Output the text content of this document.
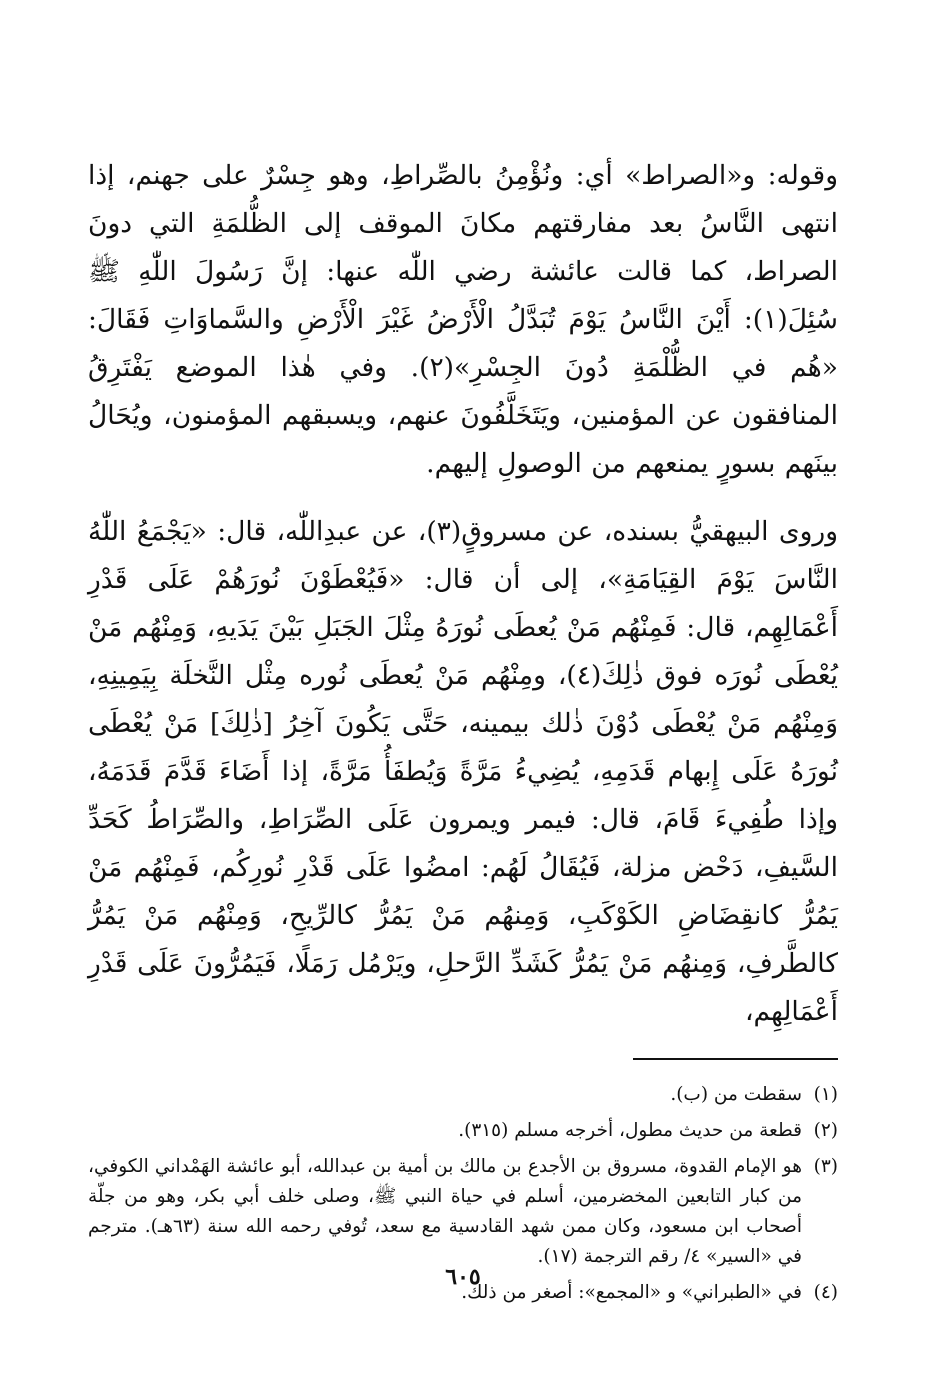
وقوله: و«الصراط» أي: ونُؤْمِنُ بالصِّراطِ، وهو جِسْرٌ على جهنم، إذا انتهى النَّاسُ بعد مفارقتهم مكانَ الموقف إلى الظُّلمَةِ التي دونَ الصراط، كما قالت عائشة رضي اللّٰه عنها: إنَّ رَسُولَ اللّٰهِ ﷺ سُئِلَ(١): أَيْنَ النَّاسُ يَوْمَ تُبَدَّلُ الْأَرْضُ غَيْرَ الْأَرْضِ والسَّماوَاتِ فَقَالَ: «هُم في الظُّلْمَةِ دُونَ الجِسْرِ»(٢). وفي هٰذا الموضع يَفْتَرِقُ المنافقون عن المؤمنين، ويَتَخَلَّفُونَ عنهم، ويسبقهم المؤمنون، ويُحَالُ بينَهم بسورٍ يمنعهم من الوصولِ إليهم.

وروى البيهقيُّ بسنده، عن مسروقٍ(٣)، عن عبدِاللّٰه، قال: «يَجْمَعُ اللّٰهُ النَّاسَ يَوْمَ القِيَامَةِ»، إلى أن قال: «فَيُعْطَوْنَ نُورَهُمْ عَلَى قَدْرِ أَعْمَالِهِم، قال: فَمِنْهُم مَنْ يُعطَى نُورَهُ مِثْلَ الجَبَلِ بَيْنَ يَدَيهِ، وَمِنْهُم مَنْ يُعْطَى نُورَه فوق ذٰلِكَ(٤)، ومِنْهُم مَنْ يُعطَى نُوره مِثْل النَّخلَة بِيَمِينِهِ، وَمِنْهُم مَنْ يُعْطَى دُوْنَ ذٰلك بيمينه، حَتَّى يَكُونَ آخِرُ [ذٰلِكَ] مَنْ يُعْطَى نُورَهُ عَلَى إِبهام قَدَمِهِ، يُضِيءُ مَرَّةً وَيُطفَأُ مَرَّةً، إذا أَضَاءَ قَدَّمَ قَدَمَهُ، وإذا طُفِيءَ قَامَ، قال: فيمر ويمرون عَلَى الصِّرَاطِ، والصِّرَاطُ كَحَدِّ السَّيفِ، دَحْض مزلة، فَيُقَالُ لَهُم: امضُوا عَلَى قَدْرِ نُورِكُم، فَمِنْهُم مَنْ يَمُرُّ كانقِضَاضِ الكَوْكَبِ، وَمِنهُم مَنْ يَمُرُّ كالرِّيحِ، وَمِنْهُم مَنْ يَمُرُّ كالطَّرفِ، وَمِنهُم مَنْ يَمُرُّ كَشَدِّ الرَّحلِ، ويَرْمُل رَمَلًا، فَيَمُرُّونَ عَلَى قَدْرِ أَعْمَالِهِم،

(١)
سقطت من (ب).
(٢)
قطعة من حديث مطول، أخرجه مسلم (٣١٥).
(٣)
هو الإمام القدوة، مسروق بن الأجدع بن مالك بن أمية بن عبدالله، أبو عائشة الهَمْداني الكوفي، من كبار التابعين المخضرمين، أسلم في حياة النبي ﷺ، وصلى خلف أبي بكر، وهو من جلّة أصحاب ابن مسعود، وكان ممن شهد القادسية مع سعد، تُوفي رحمه الله سنة (٦٣هـ). مترجم في «السير» ٤/ رقم الترجمة (١٧).
(٤)
في «الطبراني» و «المجمع»: أصغر من ذلك.
٦٠٥
